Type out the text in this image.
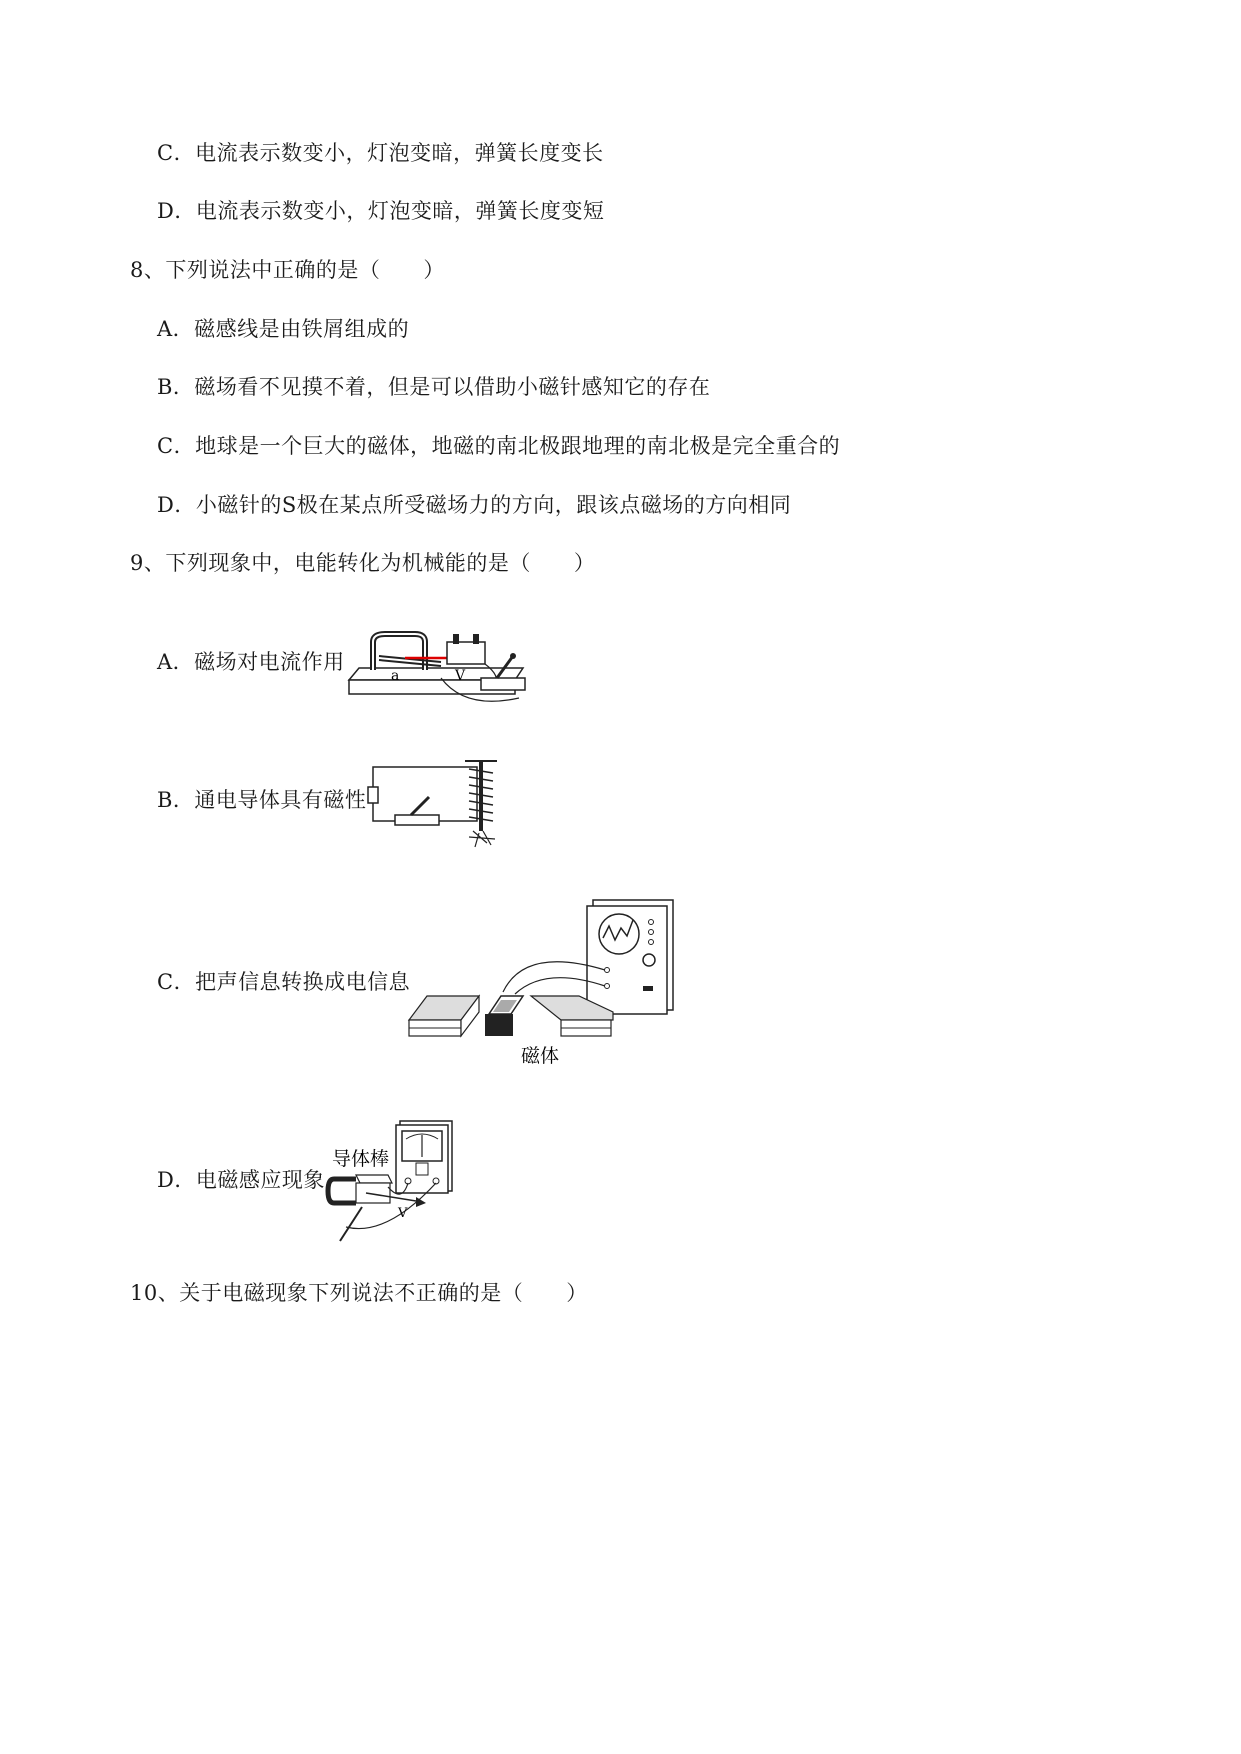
C．电流表示数变小，灯泡变暗，弹簧长度变长
D．电流表示数变小，灯泡变暗，弹簧长度变短
8、下列说法中正确的是（　　）
A．磁感线是由铁屑组成的
B．磁场看不见摸不着，但是可以借助小磁针感知它的存在
C．地球是一个巨大的磁体，地磁的南北极跟地理的南北极是完全重合的
D．小磁针的S极在某点所受磁场力的方向，跟该点磁场的方向相同
9、下列现象中，电能转化为机械能的是（　　）
A．磁场对电流作用
a	V
B．通电导体具有磁性
C．把声信息转换成电信息
磁体
D．电磁感应现象
V
导体棒
10、关于电磁现象下列说法不正确的是（　　）
